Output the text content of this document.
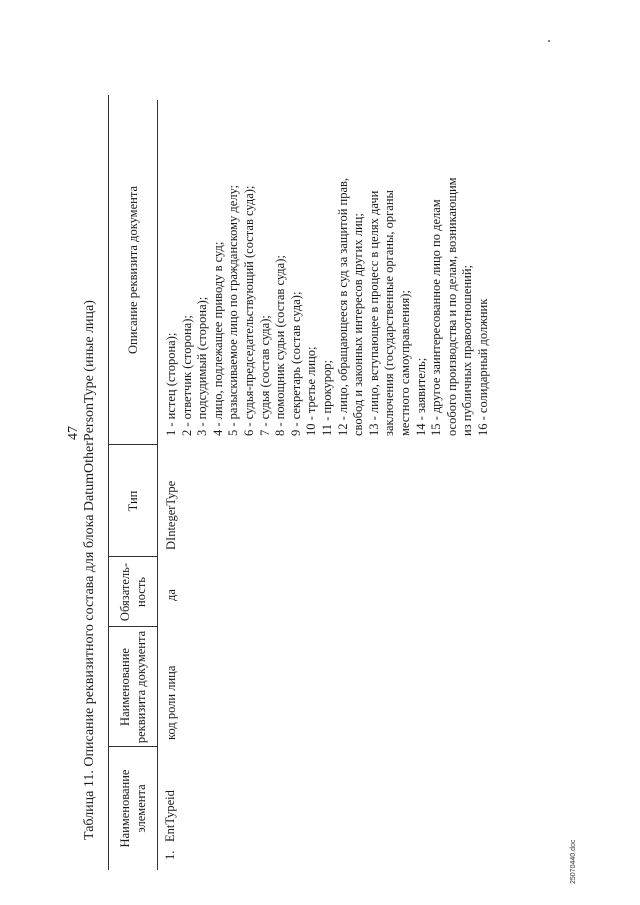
47 Таблица 11. Описание реквизитного состава для блока DatumOtherPersonType (иные лица)	Наименование элемента
Наименование реквизита документа
Обязатель-ность
Тип
Описание реквизита документа
1.
EntTypeid
код роли лица
да
DIntegerType
1 - истец (сторона); 2 - ответчик (сторона); 3 - подсудимый (сторона); 4 - лицо, подлежащее приводу в суд; 5 - разыскиваемое лицо по гражданскому делу; 6 - судья-председательствующий (состав суда); 7 - судья (состав суда); 8 - помощник судьи (состав суда); 9 - секретарь (состав суда); 10 - третье лицо; 11 - прокурор; 12 - лицо, обращающееся в суд за защитой прав, свобод и законных интересов других лиц; 13 - лицо, вступающее в процесс в целях дачи заключения (государственные органы, органы местного самоуправления); 14 - заявитель; 15 - другое заинтересованное лицо по делам особого производства и по делам, возникающим из публичных правоотношений; 16 - солидарный должник
25070440.doc
